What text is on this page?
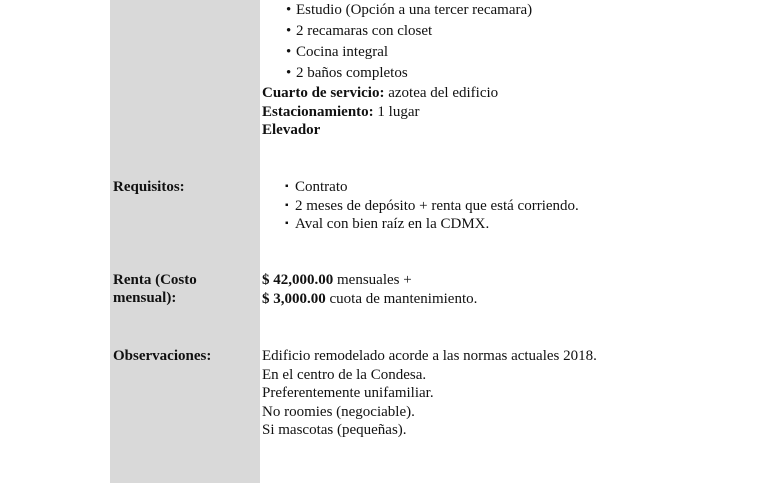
• Estudio (Opción a una tercer recamara)
• 2 recamaras con closet
• Cocina integral
• 2 baños completos
Cuarto de servicio: azotea del edificio
Estacionamiento: 1 lugar
Elevador
Requisitos:	▪ Contrato
▪ 2 meses de depósito + renta que está corriendo.
▪ Aval con bien raíz en la CDMX.
Renta (Costo
mensual):
$ 42,000.00 mensuales +
$ 3,000.00 cuota de mantenimiento.
Observaciones:	Edificio remodelado acorde a las normas actuales 2018.
En el centro de la Condesa.
Preferentemente unifamiliar.
No roomies (negociable).
Si mascotas (pequeñas).
